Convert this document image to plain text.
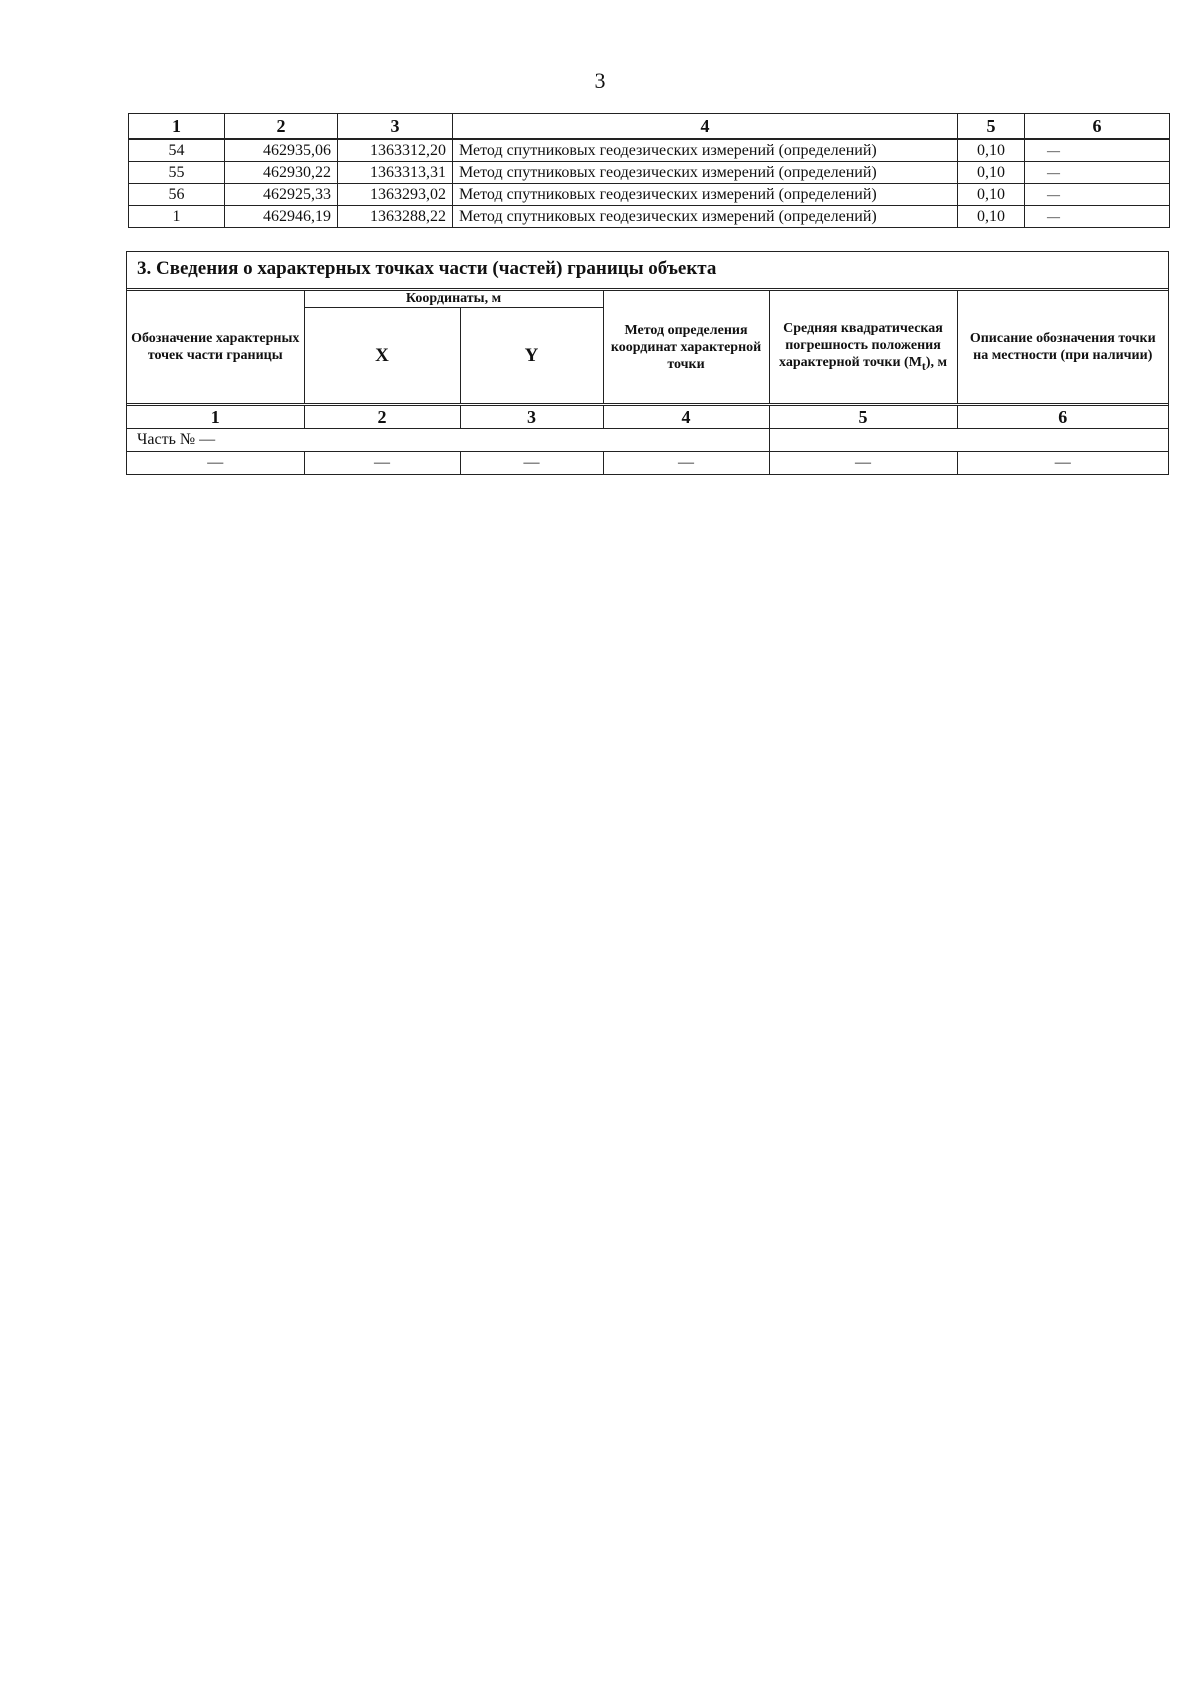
3
1	2	3	4	5	6
54	462935,06	1363312,20	Метод спутниковых геодезических измерений (определений)	0,10	—
55	462930,22	1363313,31	Метод спутниковых геодезических измерений (определений)	0,10	—
56	462925,33	1363293,02	Метод спутниковых геодезических измерений (определений)	0,10	—
1	462946,19	1363288,22	Метод спутниковых геодезических измерений (определений)	0,10	—
3. Сведения о характерных точках части (частей) границы объекта
Обозначение характерных точек части границы	Координаты, м		Метод определения координат характерной точки	Средняя квадратическая погрешность положения характерной точки $(M_t)$, м	Описание обозначения точки на местности (при наличии)
	X	Y			
1	2	3	4	5	6
Часть № —					
—	—	—	—	—	—
